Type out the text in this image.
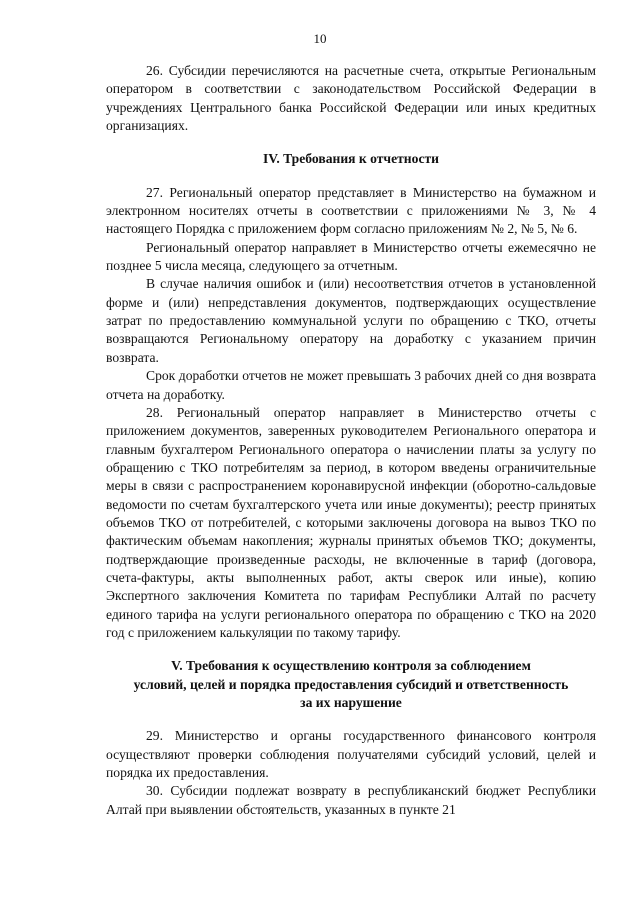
10

26. Субсидии перечисляются на расчетные счета, открытые Региональным оператором в соответствии с законодательством Российской Федерации в учреждениях Центрального банка Российской Федерации или иных кредитных организациях.

IV. Требования к отчетности

27. Региональный оператор представляет в Министерство на бумажном и электронном носителях отчеты в соответствии с приложениями № 3, № 4 настоящего Порядка с приложением форм согласно приложениям № 2, № 5, № 6.

Региональный оператор направляет в Министерство отчеты ежемесячно не позднее 5 числа месяца, следующего за отчетным.

В случае наличия ошибок и (или) несоответствия отчетов в установленной форме и (или) непредставления документов, подтверждающих осуществление затрат по предоставлению коммунальной услуги по обращению с ТКО, отчеты возвращаются Региональному оператору на доработку с указанием причин возврата.

Срок доработки отчетов не может превышать 3 рабочих дней со дня возврата отчета на доработку.

28. Региональный оператор направляет в Министерство отчеты с приложением документов, заверенных руководителем Регионального оператора и главным бухгалтером Регионального оператора о начислении платы за услугу по обращению с ТКО потребителям за период, в котором введены ограничительные меры в связи с распространением коронавирусной инфекции (оборотно-сальдовые ведомости по счетам бухгалтерского учета или иные документы); реестр принятых объемов ТКО от потребителей, с которыми заключены договора на вывоз ТКО по фактическим объемам накопления; журналы принятых объемов ТКО; документы, подтверждающие произведенные расходы, не включенные в тариф (договора, счета-фактуры, акты выполненных работ, акты сверок или иные), копию Экспертного заключения Комитета по тарифам Республики Алтай по расчету единого тарифа на услуги регионального оператора по обращению с ТКО на 2020 год с приложением калькуляции по такому тарифу.

V. Требования к осуществлению контроля за соблюдением

условий, целей и порядка предоставления субсидий и ответственность

за их нарушение

29. Министерство и органы государственного финансового контроля осуществляют проверки соблюдения получателями субсидий условий, целей и порядка их предоставления.

30. Субсидии подлежат возврату в республиканский бюджет Республики Алтай при выявлении обстоятельств, указанных в пункте 21
